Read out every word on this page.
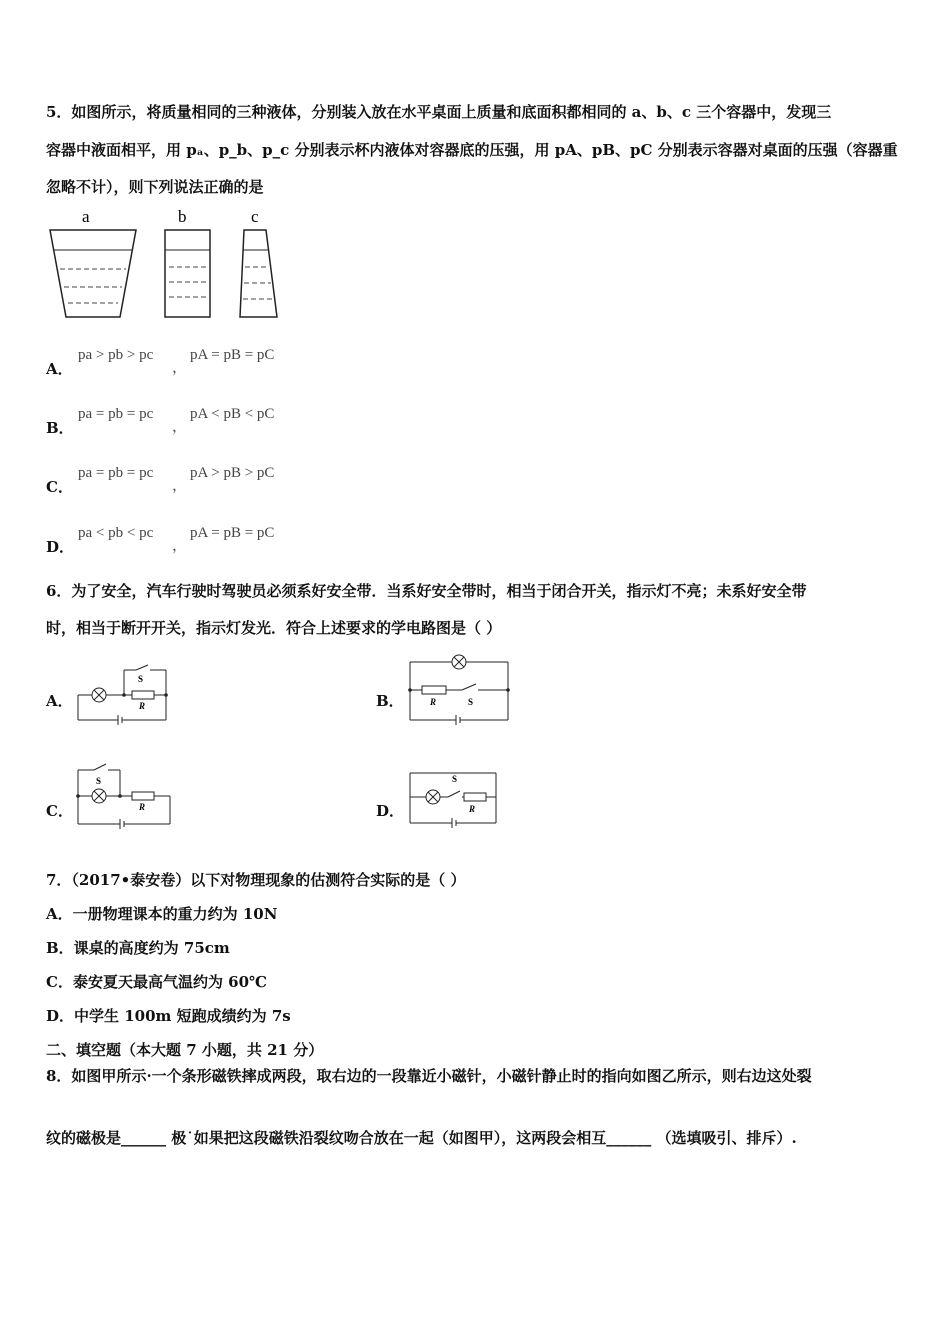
5．如图所示，将质量相同的三种液体，分别装入放在水平桌面上质量和底面积都相同的 a、b、c 三个容器中，发现三
容器中液面相平，用 pₐ、p_b、p_c 分别表示杯内液体对容器底的压强，用 pA、pB、pC 分别表示容器对桌面的压强（容器重
忽略不计），则下列说法正确的是
a	b	c
A．
pa > pb > pc
，
pA = pB = pC
B．
pa = pb = pc
，
pA < pB < pC
C．
pa = pb = pc
，
pA > pB > pC
D．
pa < pb < pc
，
pA = pB = pC
6．为了安全，汽车行驶时驾驶员必须系好安全带．当系好安全带时，相当于闭合开关，指示灯不亮；未系好安全带
时，相当于断开开关，指示灯发光．符合上述要求的学电路图是（ ）
A．
S
R	B．	R	S
C．
S
R	D．
S
R
7．（2017•泰安卷）以下对物理现象的估测符合实际的是（ ）
A．一册物理课本的重力约为 10N
B．课桌的高度约为 75cm
C．泰安夏天最高气温约为 60℃
D．中学生 100m 短跑成绩约为 7s
二、填空题（本大题 7 小题，共 21 分）
8．如图甲所示·一个条形磁铁摔成两段，取右边的一段靠近小磁针，小磁针静止时的指向如图乙所示，则右边这处裂
纹的磁极是______ 极˙如果把这段磁铁沿裂纹吻合放在一起（如图甲），这两段会相互______ （选填吸引、排斥）.
